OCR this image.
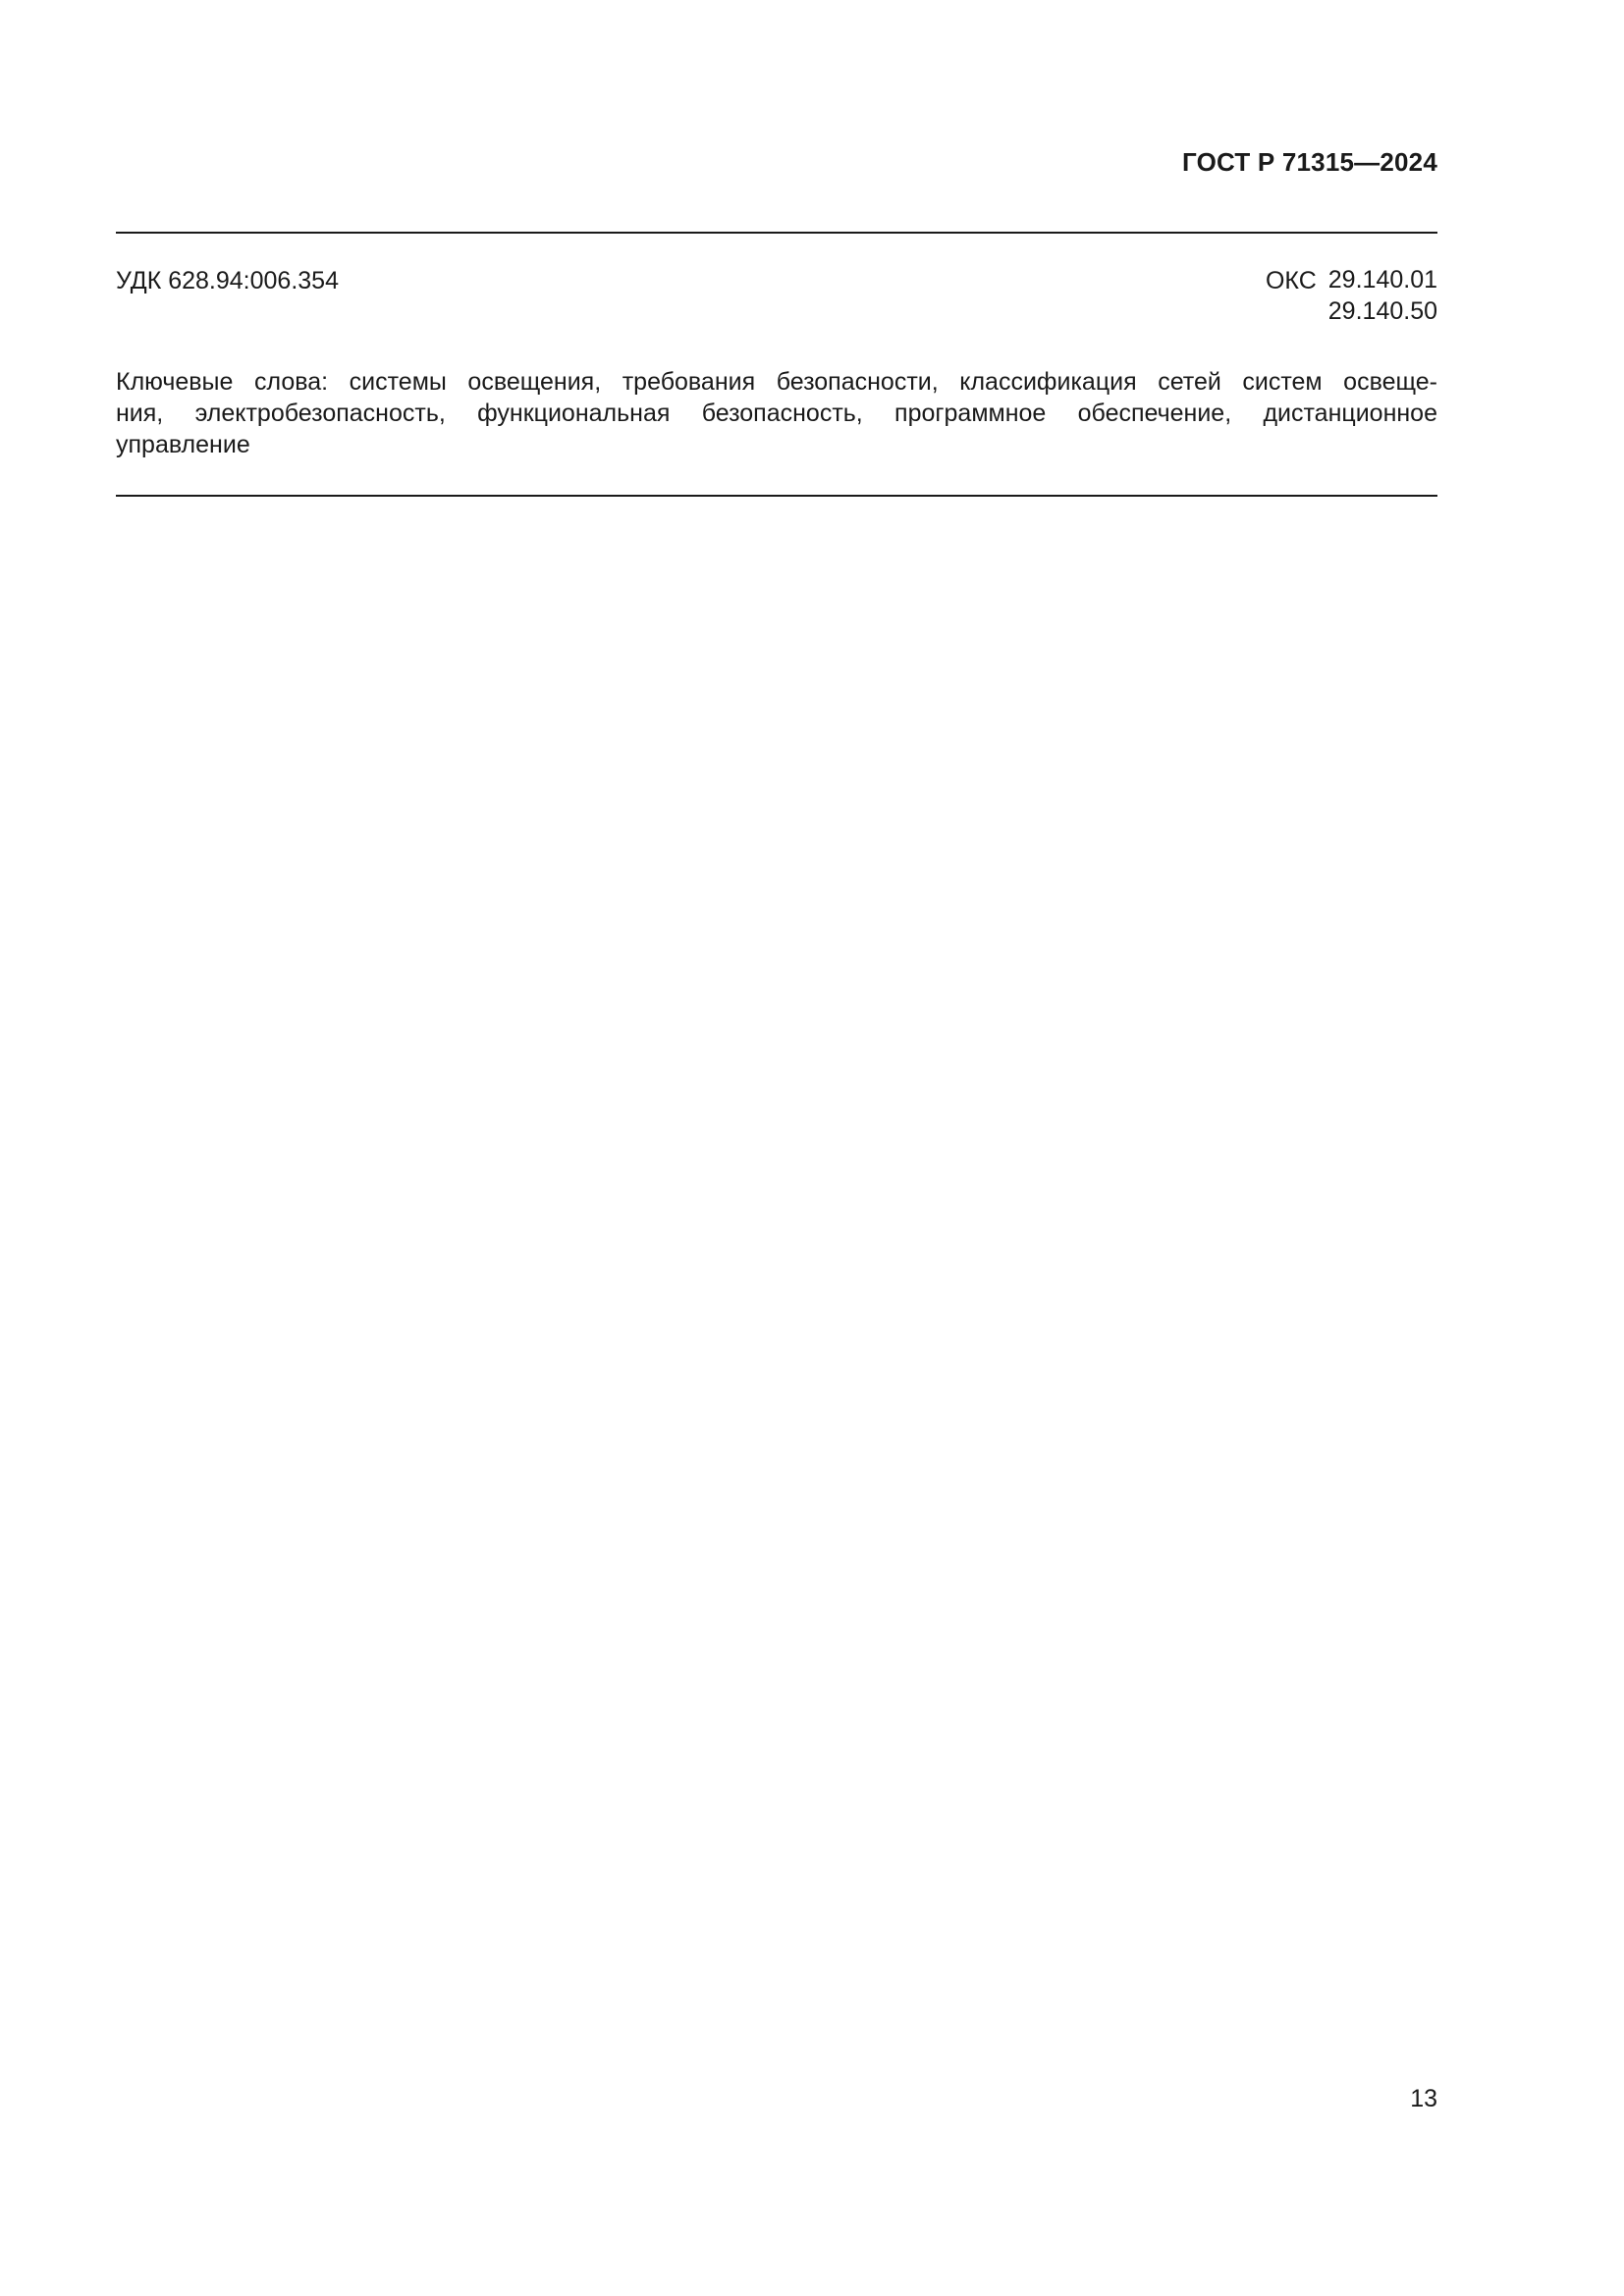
ГОСТ Р 71315—2024
УДК 628.94:006.354	ОКС 29.140.01
29.140.50
Ключевые слова: системы освещения, требования безопасности, классификация сетей систем освеще-
ния, электробезопасность, функциональная безопасность, программное обеспечение, дистанционное
управление
13
